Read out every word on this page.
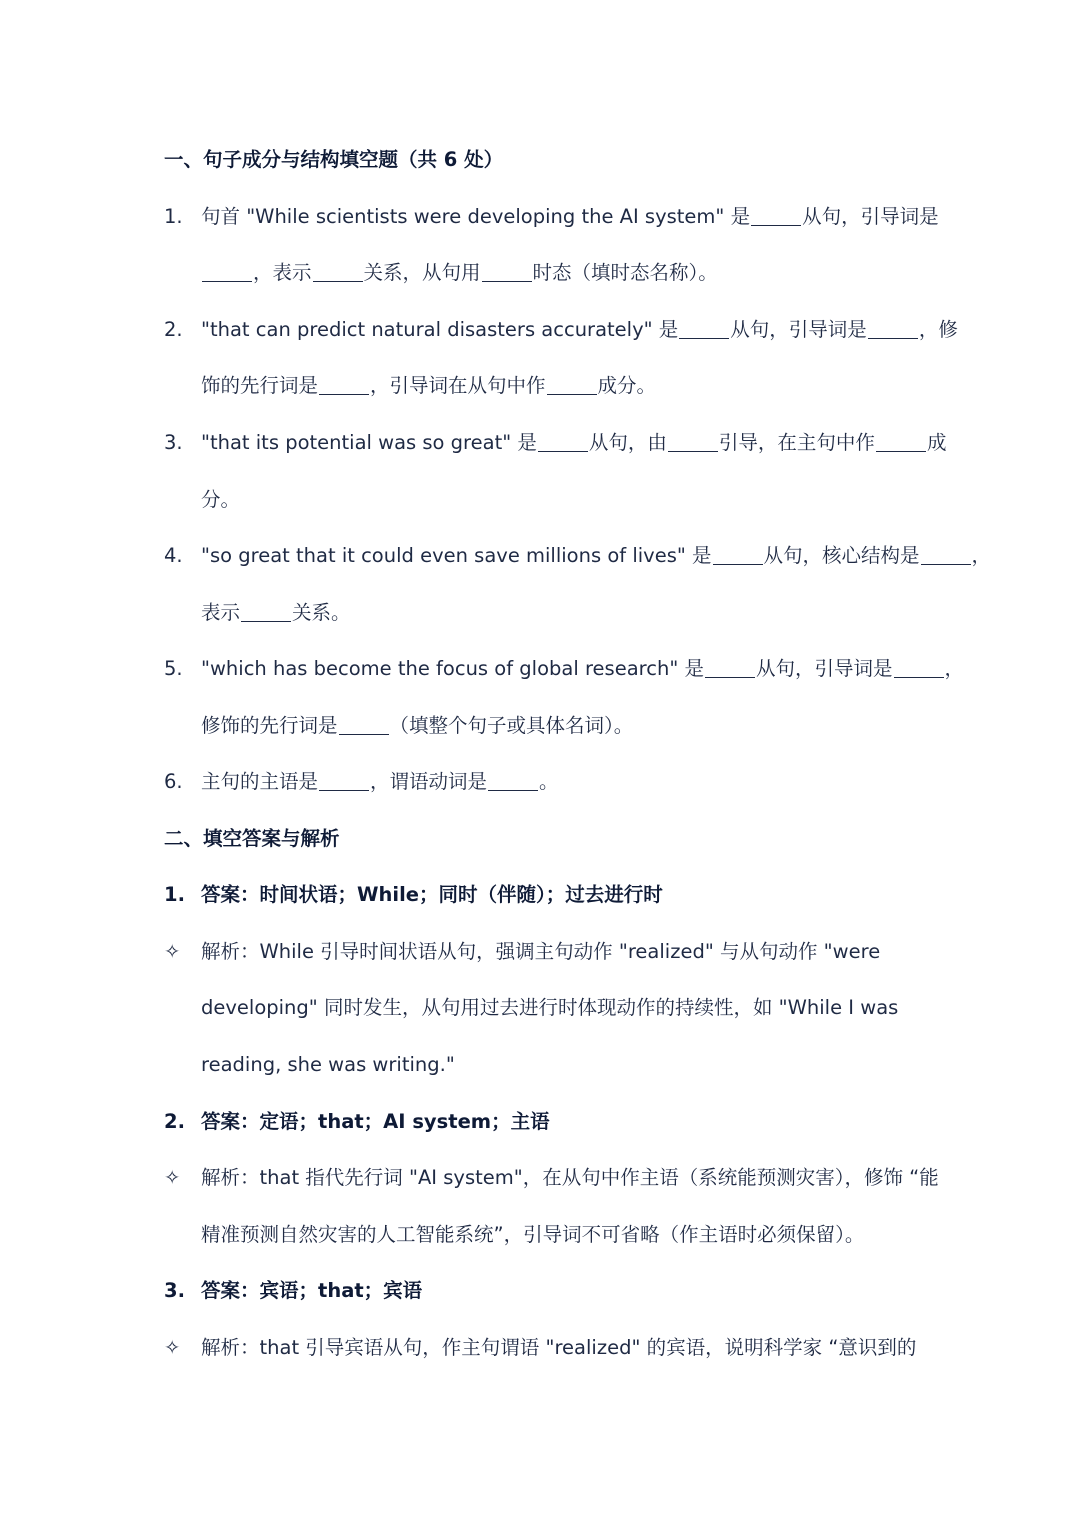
一、句子成分与结构填空题（共 6 处）
1. 句首 "While scientists were developing the AI system" 是	从句，引导词是
，表示	关系，从句用	时态（填时态名称）。
2. "that can predict natural disasters accurately" 是	从句，引导词是	，修
饰的先行词是	，引导词在从句中作	成分。
3. "that its potential was so great" 是	从句，由	引导，在主句中作	成
分。
4. "so great that it could even save millions of lives" 是	从句，核心结构是	，
表示	关系。
5. "which has become the focus of global research" 是	从句，引导词是	，
修饰的先行词是	（填整个句子或具体名词）。
6. 主句的主语是	，谓语动词是	。
二、填空答案与解析
1. 答案：时间状语；While；同时（伴随）；过去进行时
✧ 解析：While 引导时间状语从句，强调主句动作 "realized" 与从句动作 "were
developing" 同时发生，从句用过去进行时体现动作的持续性，如 "While I was
reading, she was writing."
2. 答案：定语；that；AI system；主语
✧ 解析：that 指代先行词 "AI system"，在从句中作主语（系统能预测灾害），修饰 “能
精准预测自然灾害的人工智能系统”，引导词不可省略（作主语时必须保留）。
3. 答案：宾语；that；宾语
✧ 解析：that 引导宾语从句，作主句谓语 "realized" 的宾语，说明科学家 “意识到的
